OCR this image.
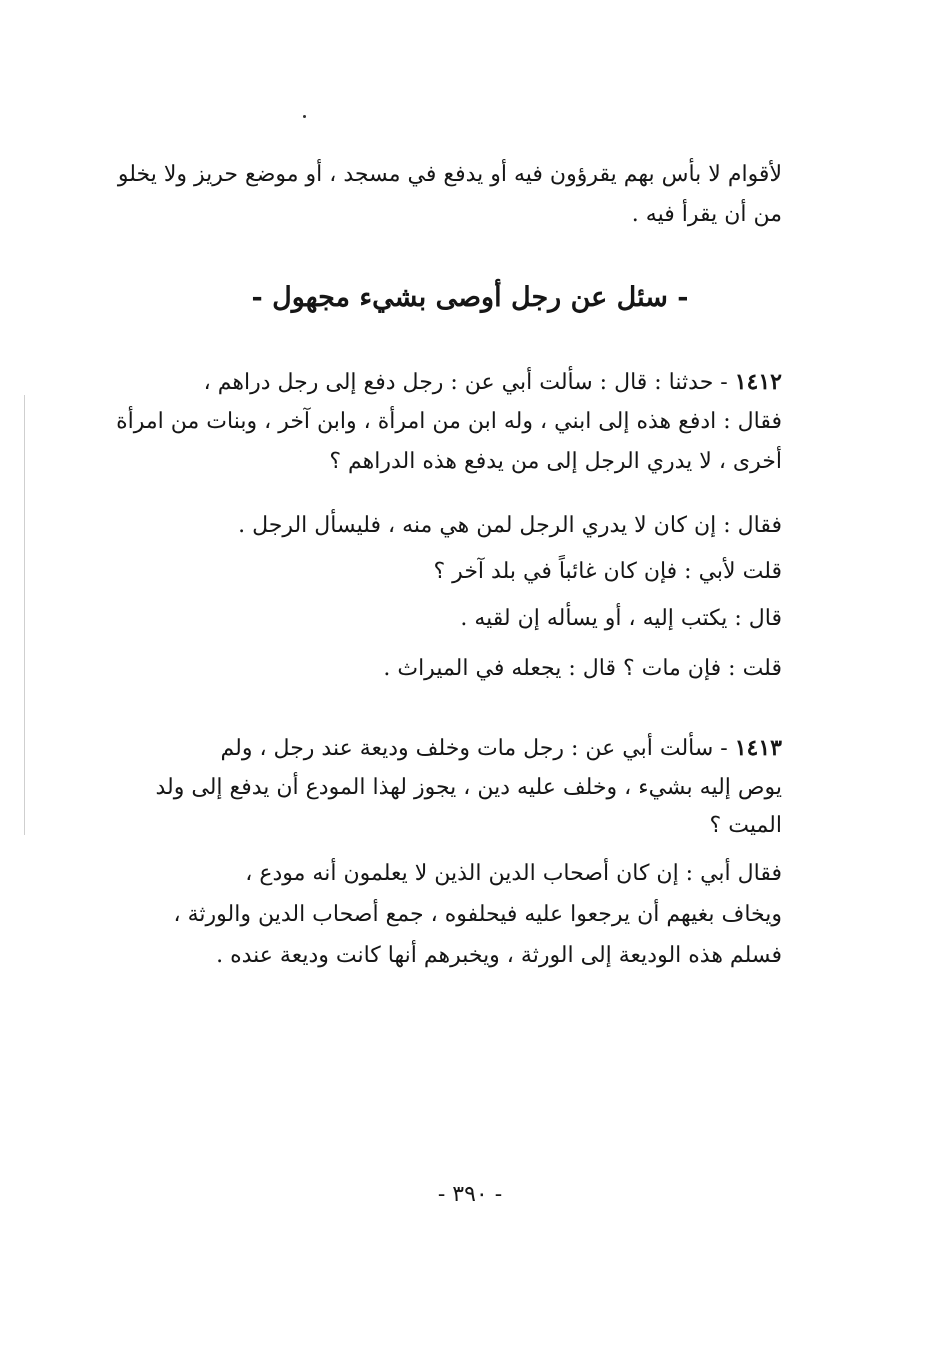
لأقوام لا بأس بهم يقرؤون فيه أو يدفع في مسجد ، أو موضع حريز ولا يخلو
من أن يقرأ فيه .
- سئل عن رجل أوصى بشيء مجهول -
١٤١٢ - حدثنا : قال : سألت أبي عن : رجل دفع إلى رجل دراهم ،
فقال : ادفع هذه إلى ابني ، وله ابن من امرأة ، وابن آخر ، وبنات من امرأة
أخرى ، لا يدري الرجل إلى من يدفع هذه الدراهم ؟
فقال : إن كان لا يدري الرجل لمن هي منه ، فليسأل الرجل .
قلت لأبي : فإن كان غائباً في بلد آخر ؟
قال : يكتب إليه ، أو يسأله إن لقيه .
قلت : فإن مات ؟ قال : يجعله في الميراث .
١٤١٣ - سألت أبي عن : رجل مات وخلف وديعة عند رجل ، ولم
يوص إليه بشيء ، وخلف عليه دين ، يجوز لهذا المودع أن يدفع إلى ولد
الميت ؟
فقال أبي : إن كان أصحاب الدين الذين لا يعلمون أنه مودع ،
ويخاف بغيهم أن يرجعوا عليه فيحلفوه ، جمع أصحاب الدين والورثة ،
فسلم هذه الوديعة إلى الورثة ، ويخبرهم أنها كانت وديعة عنده .
- ٣٩٠ -
